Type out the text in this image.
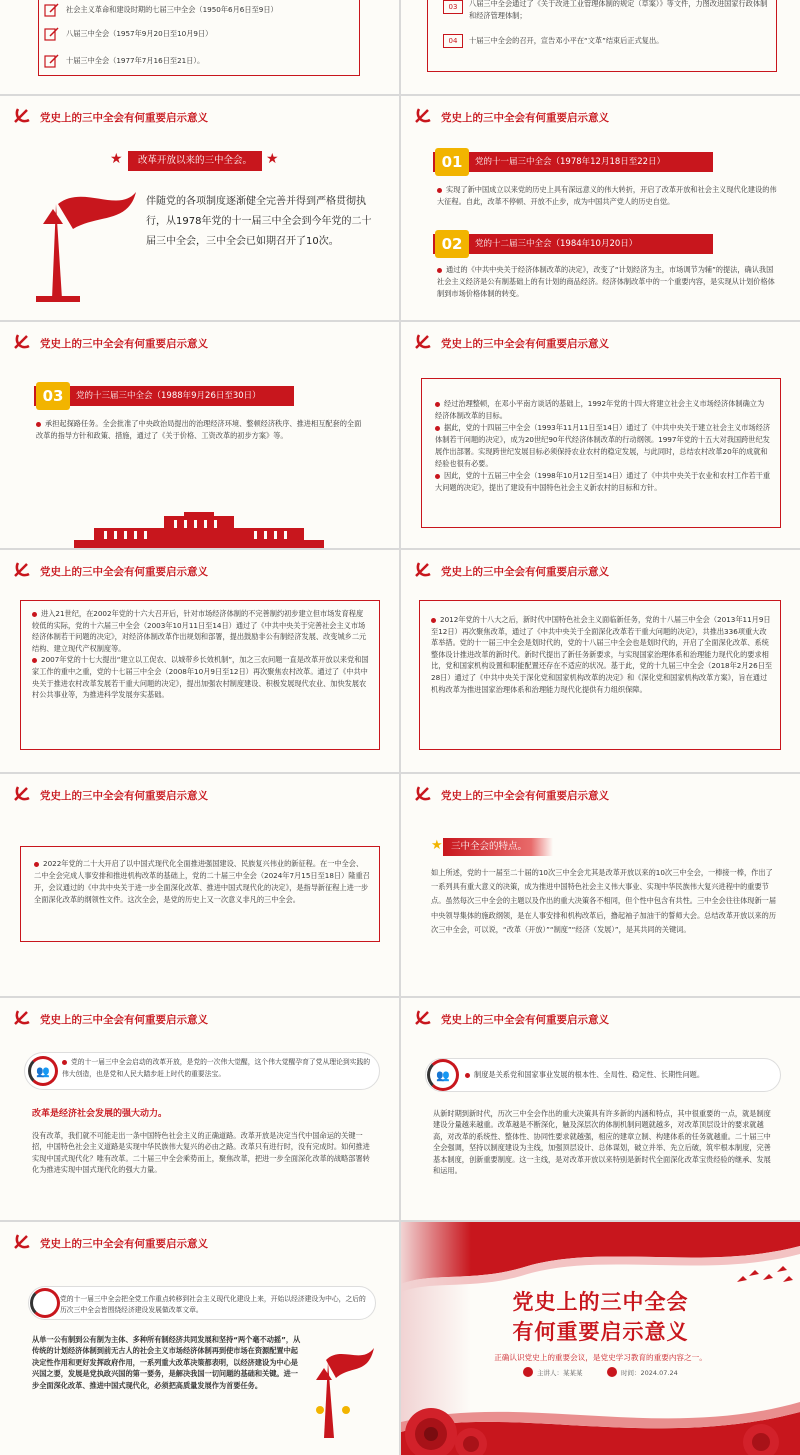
社会主义革命和建设时期的七届三中全会（1950年6月6日至9日）
八届三中全会（1957年9月20日至10月9日）
十届三中全会（1977年7月16日至21日）。
03	八届三中全会通过了《关于改进工业管理体制的规定（草案）》等文件，力图改进国家行政体制和经济管理体制；
04	十届三中全会的召开，宣告邓小平在“文革”结束后正式复出。
党史上的三中全会有何重要启示意义
★	改革开放以来的三中全会。	★
伴随党的各项制度逐渐健全完善并得到严格贯彻执行，从1978年党的十一届三中全会到今年党的二十届三中全会，三中全会已如期召开了10次。
党史上的三中全会有何重要启示意义
党的十一届三中全会（1978年12月18日至22日）
01
实现了新中国成立以来党的历史上具有深远意义的伟大转折，开启了改革开放和社会主义现代化建设的伟大征程。自此，改革不停顿、开放不止步，成为中国共产党人的历史自觉。
党的十二届三中全会（1984年10月20日）
02
通过的《中共中央关于经济体制改革的决定》，改变了“计划经济为主，市场调节为辅”的提法，确认我国社会主义经济是公有制基础上的有计划的商品经济。经济体制改革中的一个重要内容，是实现从计划价格体制到市场价格体制的转变。
党史上的三中全会有何重要启示意义
党的十三届三中全会（1988年9月26日至30日）
03
承担起探路任务。全会批准了中央政治局提出的治理经济环境、整顿经济秩序、推进相互配套的全面改革的指导方针和政策、措施，通过了《关于价格、工资改革的初步方案》等。
党史上的三中全会有何重要启示意义
经过治理整顿，在邓小平南方谈话的基础上，1992年党的十四大将建立社会主义市场经济体制确立为经济体制改革的目标。
据此，党的十四届三中全会（1993年11月11日至14日）通过了《中共中央关于建立社会主义市场经济体制若干问题的决定》，成为20世纪90年代经济体制改革的行动纲领。1997年党的十五大对我国跨世纪发展作出部署。实现跨世纪发展目标必须保持农业农村的稳定发展，与此同时，总结农村改革20年的成就和经验也很有必要。
因此，党的十五届三中全会（1998年10月12日至14日）通过了《中共中央关于农业和农村工作若干重大问题的决定》，提出了建设有中国特色社会主义新农村的目标和方针。
党史上的三中全会有何重要启示意义
进入21世纪，在2002年党的十六大召开后，针对市场经济体制的不完善制约初步建立但市场发育程度较低的实际，党的十六届三中全会（2003年10月11日至14日）通过了《中共中央关于完善社会主义市场经济体制若干问题的决定》，对经济体制改革作出规划和部署，提出鼓励非公有制经济发展、改变城乡二元结构、建立现代产权制度等。
2007年党的十七大提出“建立以工促农、以城带乡长效机制”，加之三农问题一直是改革开放以来党和国家工作的重中之重，党的十七届三中全会（2008年10月9日至12日）再次聚焦农村改革。通过了《中共中央关于推进农村改革发展若干重大问题的决定》，提出加强农村制度建设、积极发展现代农业、加快发展农村公共事业等，为推进科学发展夯实基础。
党史上的三中全会有何重要启示意义
2012年党的十八大之后，新时代中国特色社会主义面临新任务，党的十八届三中全会（2013年11月9日至12日）再次聚焦改革，通过了《中共中央关于全面深化改革若干重大问题的决定》，共推出336项重大改革举措。党的十一届三中全会是划时代的，党的十八届三中全会也是划时代的，开启了全面深化改革、系统整体设计推进改革的新时代。新时代提出了新任务新要求，与实现国家治理体系和治理能力现代化的要求相比，党和国家机构设置和职能配置还存在不适应的状况。基于此，党的十九届三中全会（2018年2月26日至28日）通过了《中共中央关于深化党和国家机构改革的决定》和《深化党和国家机构改革方案》，旨在通过机构改革为推进国家治理体系和治理能力现代化提供有力组织保障。
党史上的三中全会有何重要启示意义
2022年党的二十大开启了以中国式现代化全面推进强国建设、民族复兴伟业的新征程。在一中全会、二中全会完成人事安排和推进机构改革的基础上，党的二十届三中全会（2024年7月15日至18日）隆重召开，会议通过的《中共中央关于进一步全面深化改革、推进中国式现代化的决定》，是指导新征程上进一步全面深化改革的纲领性文件。这次全会，是党的历史上又一次意义非凡的三中全会。
党史上的三中全会有何重要启示意义
★ 三中全会的特点。
如上所述，党的十一届至二十届的10次三中全会尤其是改革开放以来的10次三中全会，一棒接一棒，作出了一系列具有重大意义的决策，成为推进中国特色社会主义伟大事业、实现中华民族伟大复兴进程中的重要节点。虽然每次三中全会的主题以及作出的重大决策各不相同，但个性中包含有共性。三中全会往往体现新一届中央领导集体的施政纲领，是在人事安排和机构改革后，撸起袖子加油干的誓师大会。总结改革开放以来的历次三中全会，可以说，“改革（开放）”“制度”“经济（发展）”，是其共同的关键词。
党史上的三中全会有何重要启示意义
👥
党的十一届三中全会启动的改革开放，是党的一次伟大觉醒，这个伟大觉醒孕育了党从理论到实践的伟大创造，也是党和人民大踏步赶上时代的重要法宝。
改革是经济社会发展的强大动力。
没有改革，我们就不可能走出一条中国特色社会主义的正确道路。改革开放是决定当代中国命运的关键一招，中国特色社会主义道路是实现中华民族伟大复兴的必由之路。改革只有进行时，没有完成时。如何推进实现中国式现代化？唯有改革。二十届三中全会乘势而上，聚焦改革，把进一步全面深化改革的战略部署转化为推进实现中国式现代化的强大力量。
党史上的三中全会有何重要启示意义
👥	制度是关系党和国家事业发展的根本性、全局性、稳定性、长期性问题。
从新时期到新时代，历次三中全会作出的重大决策具有许多新的内涵和特点，其中很重要的一点，就是制度建设分量越来越重。改革越是不断深化，触及深层次的体制机制问题就越多，对改革顶层设计的要求就越高，对改革的系统性、整体性、协同性要求就越强，相应的建章立制、构建体系的任务就越重。二十届三中全会强调，坚持以制度建设为主线，加强顶层设计、总体谋划，破立并举、先立后破，筑牢根本制度，完善基本制度，创新重要制度。这一主线，是对改革开放以来特别是新时代全面深化改革宝贵经验的继承、发展和运用。
党史上的三中全会有何重要启示意义
党的十一届三中全会把全党工作重点转移到社会主义现代化建设上来，开始以经济建设为中心，之后的历次三中全会皆围绕经济建设发展做改革文章。
从单一公有制到公有制为主体、多种所有制经济共同发展和坚持“两个毫不动摇”，从传统的计划经济体制到前无古人的社会主义市场经济体制再到使市场在资源配置中起决定性作用和更好发挥政府作用，一系列重大改革决策都表明，以经济建设为中心是兴国之要，发展是党执政兴国的第一要务，是解决我国一切问题的基础和关键。进一步全面深化改革、推进中国式现代化，必须把高质量发展作为首要任务。
党史上的三中全会
有何重要启示意义
正确认识党史上的重要会议，是党史学习教育的重要内容之一。
主讲人：某某某	时间：2024.07.24
